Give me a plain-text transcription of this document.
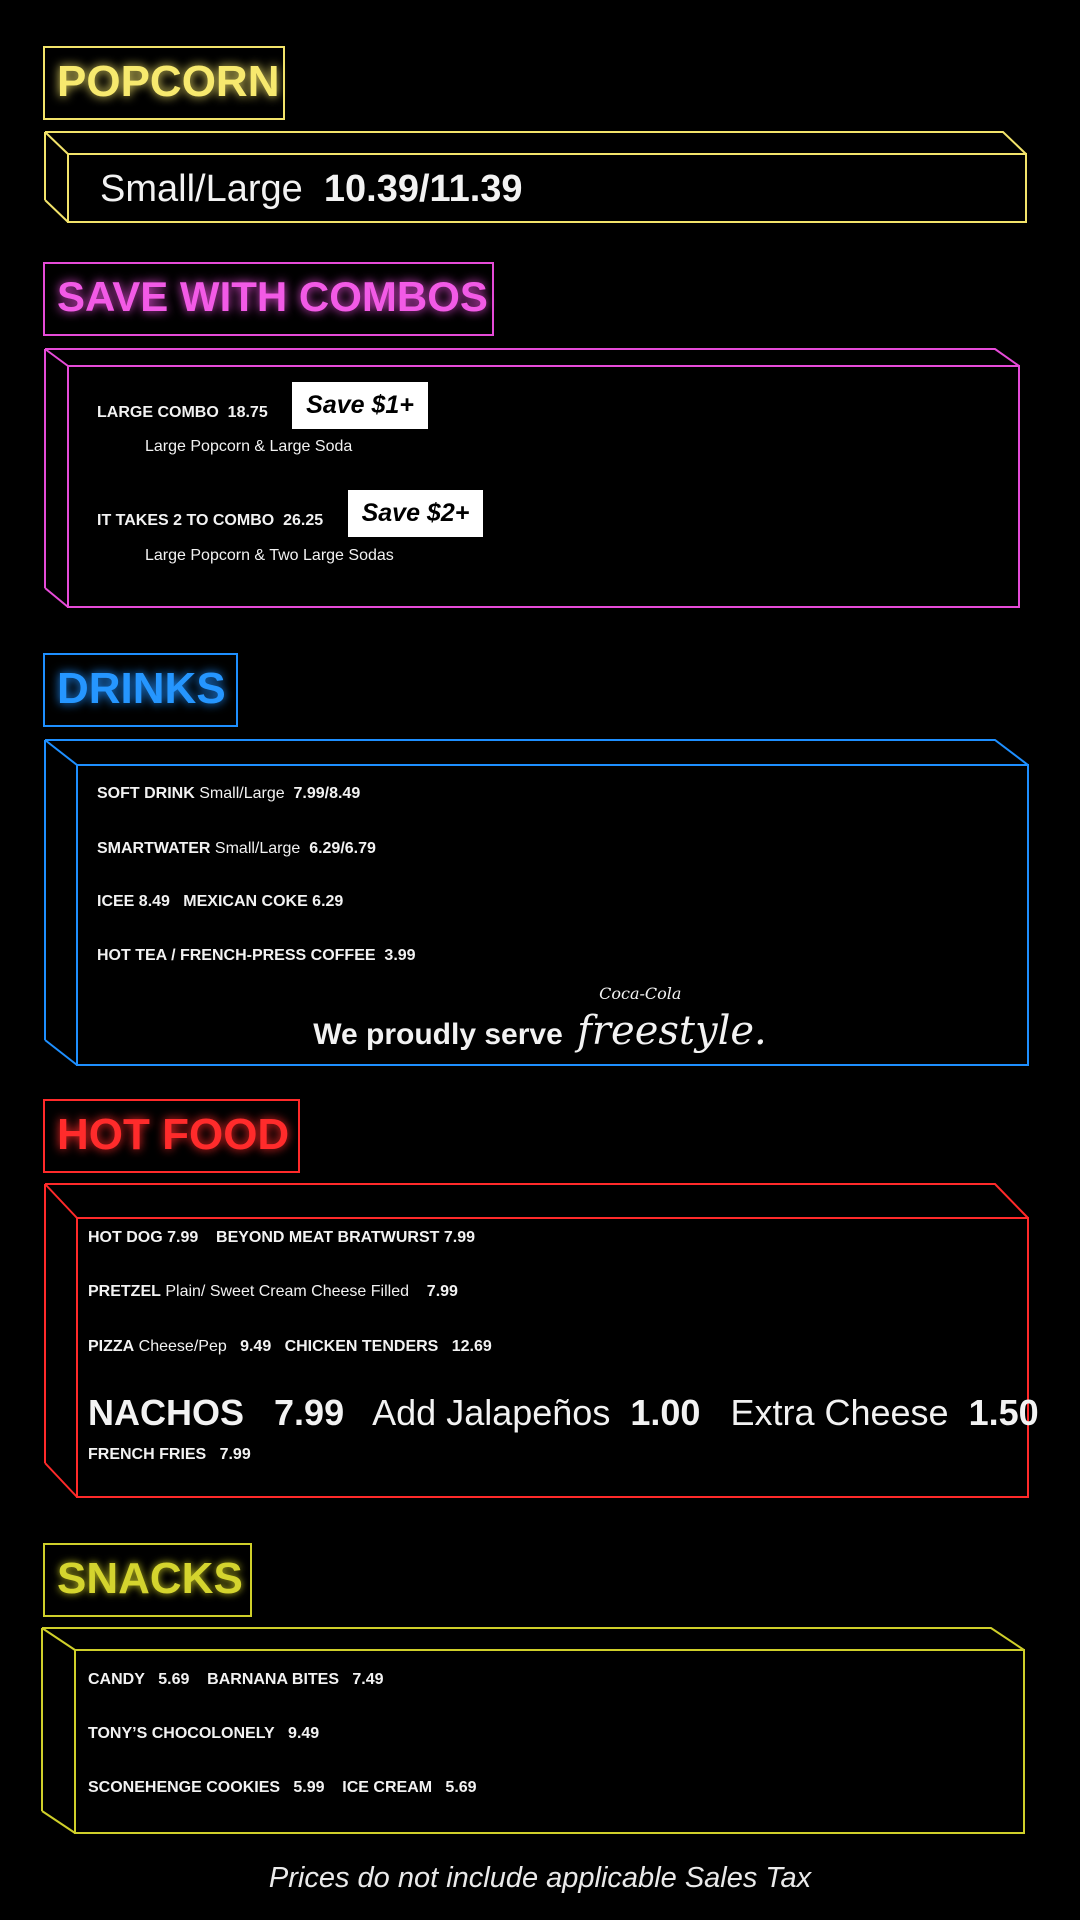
POPCORN
Small/Large 10.39/11.39
SAVE WITH COMBOS
LARGE COMBO 18.75 Save $1+
Large Popcorn & Large Soda
IT TAKES 2 TO COMBO 26.25 Save $2+
Large Popcorn & Two Large Sodas
DRINKS
SOFT DRINK Small/Large 7.99/8.49
SMARTWATER Small/Large 6.29/6.79
ICEE 8.49 MEXICAN COKE 6.29
HOT TEA / FRENCH-PRESS COFFEE 3.99
We proudly serve
Coca-Cola
freestyle.
HOT FOOD
HOT DOG 7.99 BEYOND MEAT BRATWURST 7.99
PRETZEL Plain/ Sweet Cream Cheese Filled 7.99
PIZZA Cheese/Pep 9.49 CHICKEN TENDERS 12.69
NACHOS 7.99 Add Jalapeños 1.00 Extra Cheese 1.50
FRENCH FRIES 7.99
SNACKS
CANDY 5.69 BARNANA BITES 7.49
TONY’S CHOCOLONELY 9.49
SCONEHENGE COOKIES 5.99 ICE CREAM 5.69
Prices do not include applicable Sales Tax
